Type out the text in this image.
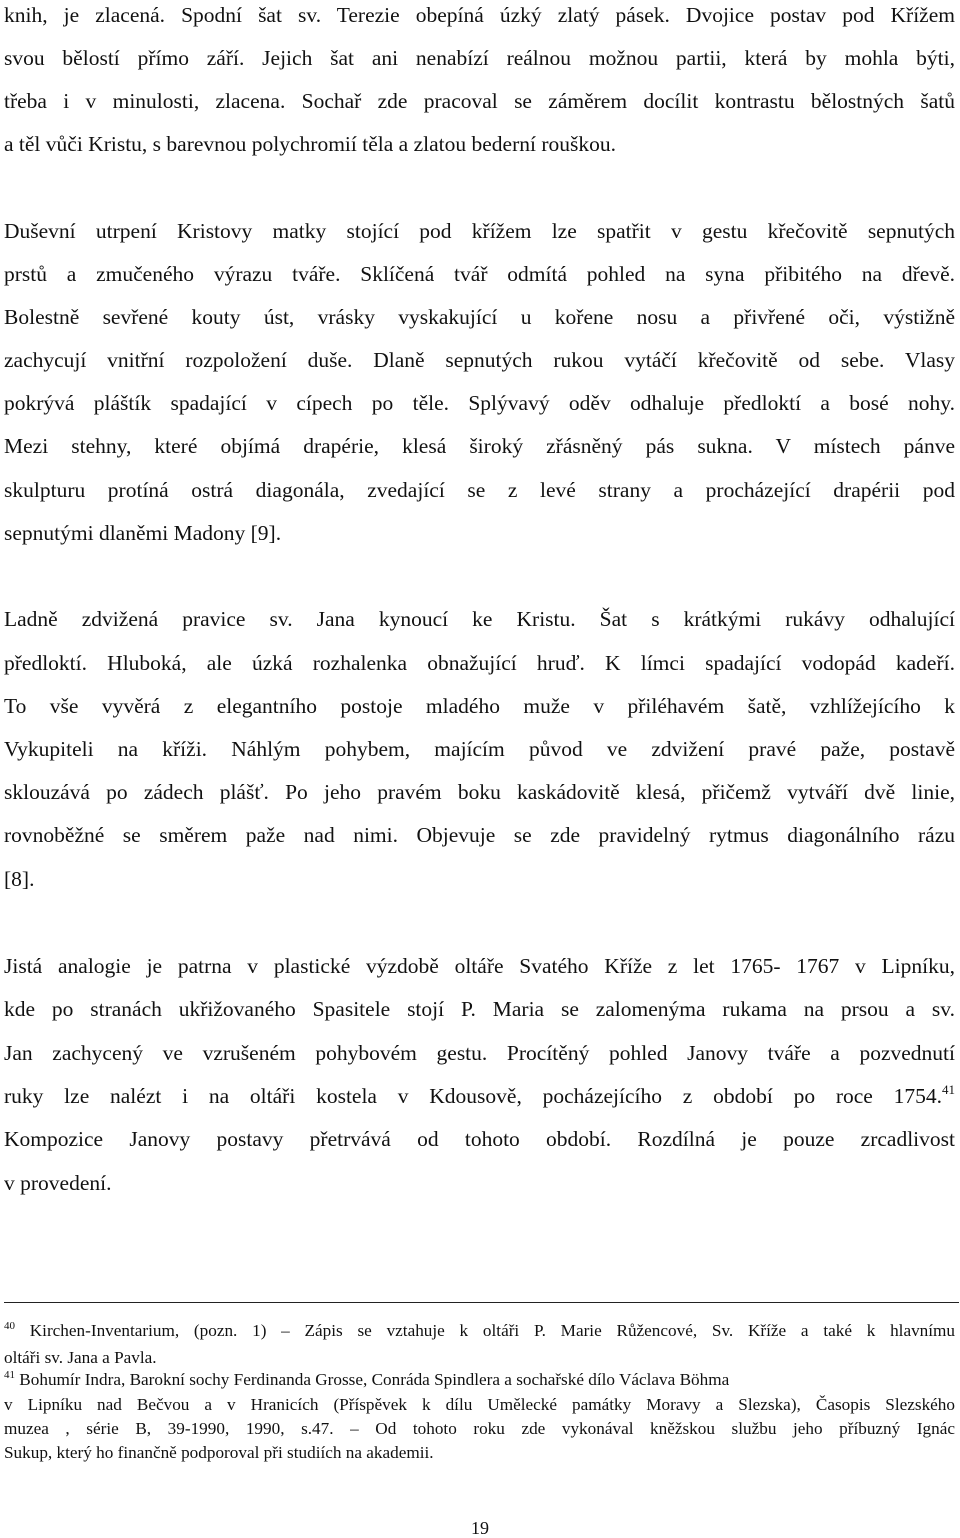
knih, je zlacená. Spodní šat sv. Terezie obepíná úzký zlatý pásek. Dvojice postav pod Křížem
svou bělostí přímo září. Jejich šat ani nenabízí reálnou možnou partii, která by mohla býti,
třeba i v minulosti, zlacena. Sochař zde pracoval se záměrem docílit kontrastu bělostných šatů
a těl vůči Kristu, s barevnou polychromií těla a zlatou bederní rouškou.
Duševní utrpení Kristovy matky stojící pod křížem lze spatřit v gestu křečovitě sepnutých
prstů a zmučeného výrazu tváře. Sklíčená tvář odmítá pohled na syna přibitého na dřevě.
Bolestně sevřené kouty úst, vrásky vyskakující u kořene nosu a přivřené oči, výstižně
zachycují vnitřní rozpoložení duše. Dlaně sepnutých rukou vytáčí křečovitě od sebe. Vlasy
pokrývá pláštík spadající v cípech po těle. Splývavý oděv odhaluje předloktí a bosé nohy.
Mezi stehny, které objímá drapérie, klesá široký zřásněný pás sukna. V místech pánve
skulpturu protíná ostrá diagonála, zvedající se z levé strany a procházející drapérii pod
sepnutými dlaněmi Madony [9].
Ladně zdvižená pravice sv. Jana kynoucí ke Kristu. Šat s krátkými rukávy odhalující
předloktí. Hluboká, ale úzká rozhalenka obnažující hruď. K límci spadající vodopád kadeří.
To vše vyvěrá z elegantního postoje mladého muže v přiléhavém šatě, vzhlížejícího k
Vykupiteli na kříži. Náhlým pohybem, majícím původ ve zdvižení pravé paže, postavě
sklouzává po zádech plášť. Po jeho pravém boku kaskádovitě klesá, přičemž vytváří dvě linie,
rovnoběžné se směrem paže nad nimi. Objevuje se zde pravidelný rytmus diagonálního rázu
[8].
Jistá analogie je patrna v plastické výzdobě oltáře Svatého Kříže z let 1765- 1767 v Lipníku,
kde po stranách ukřižovaného Spasitele stojí P. Maria se zalomenýma rukama na prsou a sv.
Jan zachycený ve vzrušeném pohybovém gestu. Procítěný pohled Janovy tváře a pozvednutí
ruky lze nalézt i na oltáři kostela v Kdousově, pocházejícího z období po roce 1754.41
Kompozice Janovy postavy přetrvává od tohoto období. Rozdílná je pouze zrcadlivost
v provedení.
$^{40}$ Kirchen-Inventarium, (pozn. 1) – Zápis se vztahuje k oltáři P. Marie Růžencové, Sv. Kříže a také k hlavnímu
oltáři sv. Jana a Pavla.
$^{41}$ Bohumír Indra, Barokní sochy Ferdinanda Grosse, Conráda Spindlera a sochařské dílo Václava Böhma
v Lipníku nad Bečvou a v Hranicích (Příspěvek k dílu Umělecké památky Moravy a Slezska), Časopis Slezského
muzea , série B, 39-1990, 1990, s.47. – Od tohoto roku zde vykonával kněžskou službu jeho příbuzný Ignác
Sukup, který ho finančně podporoval při studiích na akademii.
19
